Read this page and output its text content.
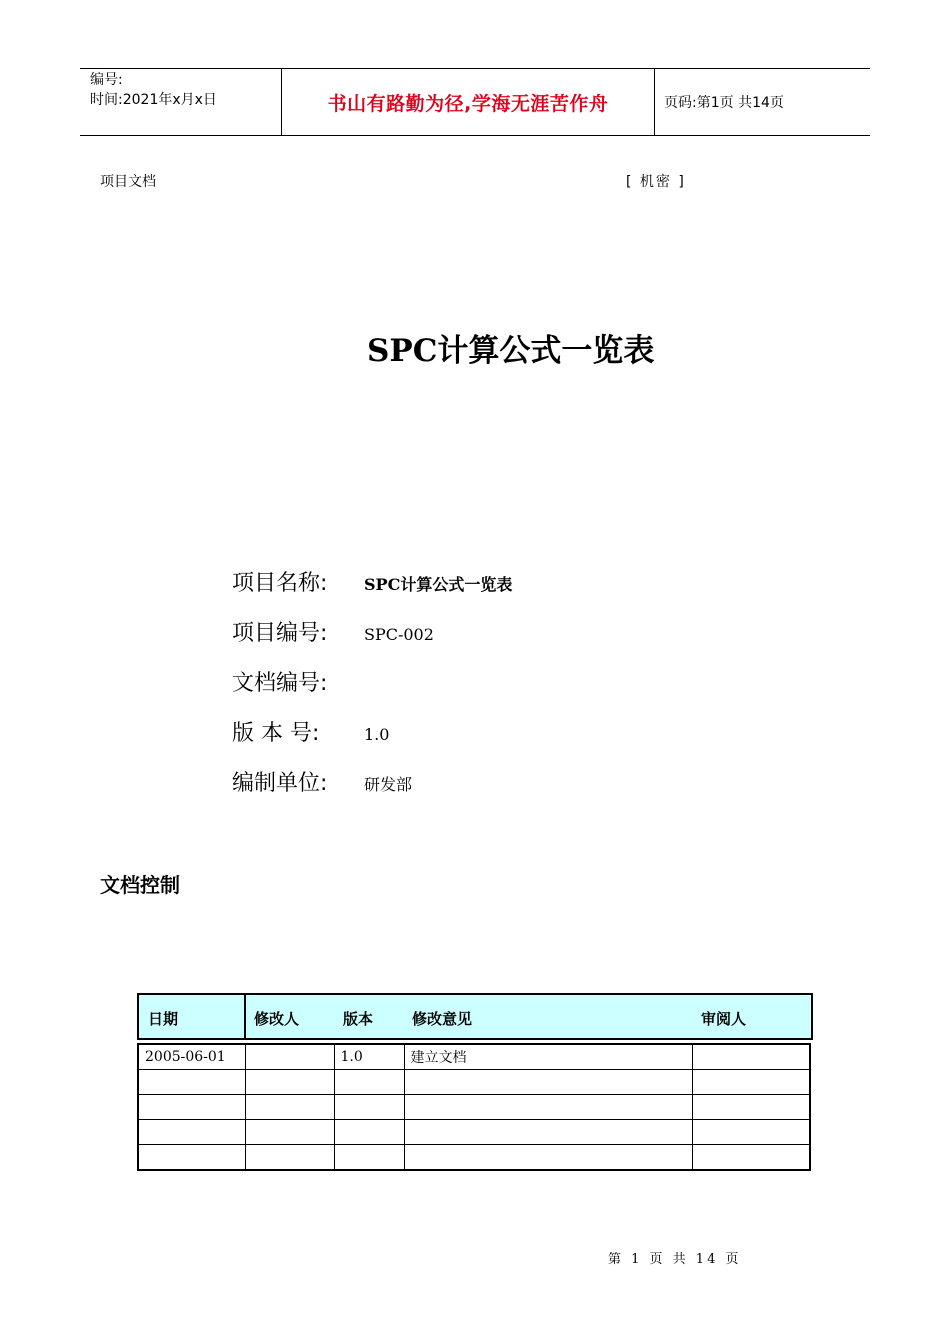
编号:
时间:2021年x月x日	书山有路勤为径,学海无涯苦作舟	页码:第1页 共14页
项目文档	[ 机密 ]
SPC计算公式一览表
项目名称:	SPC计算公式一览表
项目编号:	SPC-002
文档编号:
版 本 号:	1.0
编制单位:	研发部
文档控制
日期	修改人	版本	修改意见	审阅人
2005-06-01		1.0	建立文档	

第 1 页 共 14 页
